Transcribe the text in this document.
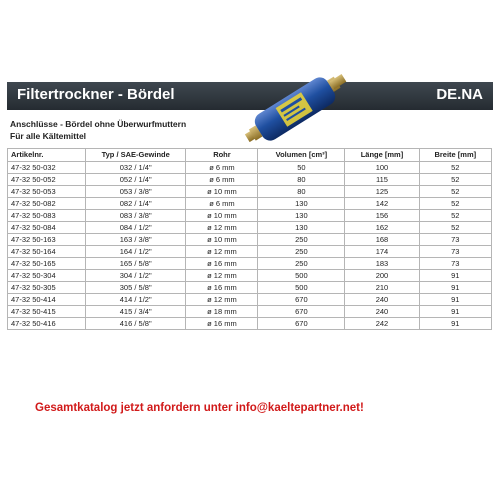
Filtertrockner - Bördel	DE.NA
Anschlüsse - Bördel ohne Überwurfmuttern
Für alle Kältemittel
Artikelnr.	Typ / SAE-Gewinde	Rohr	Volumen [cm³]	Länge [mm]	Breite [mm]
47-32 50-032	032 / 1/4"	ø 6 mm	50	100	52
47-32 50-052	052 / 1/4"	ø 6 mm	80	115	52
47-32 50-053	053 / 3/8"	ø 10 mm	80	125	52
47-32 50-082	082 / 1/4"	ø 6 mm	130	142	52
47-32 50-083	083 / 3/8"	ø 10 mm	130	156	52
47-32 50-084	084 / 1/2"	ø 12 mm	130	162	52
47-32 50-163	163 / 3/8"	ø 10 mm	250	168	73
47-32 50-164	164 / 1/2"	ø 12 mm	250	174	73
47-32 50-165	165 / 5/8"	ø 16 mm	250	183	73
47-32 50-304	304 / 1/2"	ø 12 mm	500	200	91
47-32 50-305	305 / 5/8"	ø 16 mm	500	210	91
47-32 50-414	414 / 1/2"	ø 12 mm	670	240	91
47-32 50-415	415 / 3/4"	ø 18 mm	670	240	91
47-32 50-416	416 / 5/8"	ø 16 mm	670	242	91
Gesamtkatalog jetzt anfordern unter info@kaeltepartner.net!
